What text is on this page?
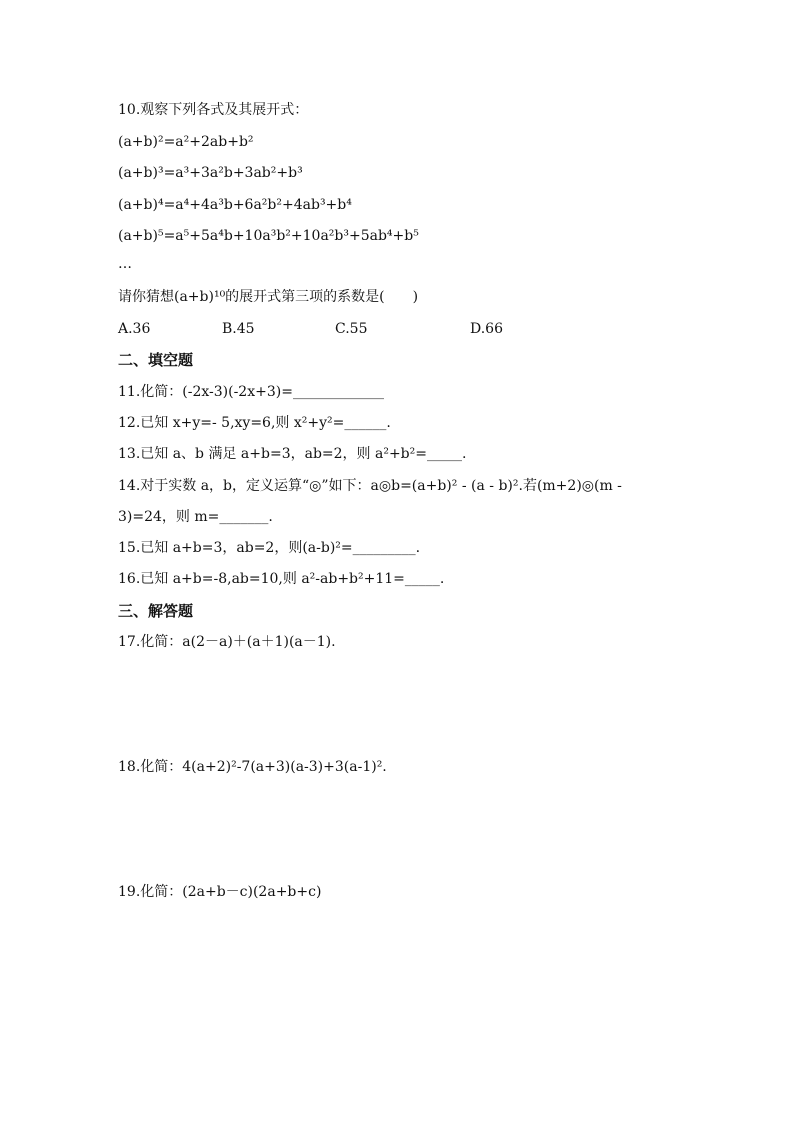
10.观察下列各式及其展开式：
(a+b)²=a²+2ab+b²
(a+b)³=a³+3a²b+3ab²+b³
(a+b)⁴=a⁴+4a³b+6a²b²+4ab³+b⁴
(a+b)⁵=a⁵+5a⁴b+10a³b²+10a²b³+5ab⁴+b⁵
…
请你猜想(a+b)¹⁰的展开式第三项的系数是(　　)
A.36	B.45	C.55	D.66
二、填空题
11.化简：(-2x-3)(-2x+3)=_____________
12.已知 x+y=- 5,xy=6,则 x²+y²=______.
13.已知 a、b 满足 a+b=3，ab=2，则 a²+b²=_____.
14.对于实数 a，b，定义运算“◎”如下：a◎b=(a+b)² - (a - b)².若(m+2)◎(m -
3)=24，则 m=_______.
15.已知 a+b=3，ab=2，则(a-b)²=_________.
16.已知 a+b=-8,ab=10,则 a²-ab+b²+11=_____.
三、解答题
17.化简：a(2－a)＋(a＋1)(a－1).
18.化简：4(a+2)²-7(a+3)(a-3)+3(a-1)².
19.化简：(2a+b－c)(2a+b+c)
